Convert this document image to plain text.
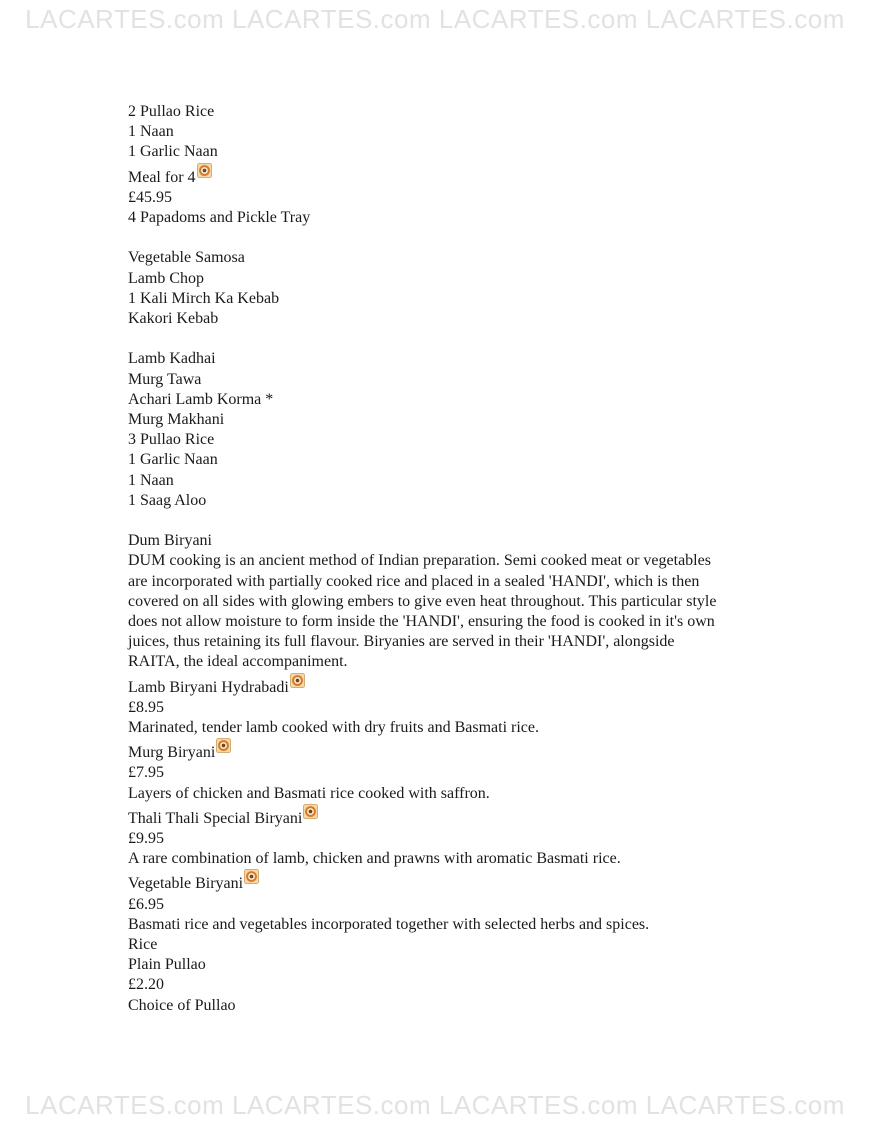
LACARTES.com LACARTES.com LACARTES.com LACARTES.com
2 Pullao Rice
1 Naan
1 Garlic Naan
Meal for 4
£45.95
4 Papadoms and Pickle Tray
Vegetable Samosa
Lamb Chop
1 Kali Mirch Ka Kebab
Kakori Kebab
Lamb Kadhai
Murg Tawa
Achari Lamb Korma *
Murg Makhani
3 Pullao Rice
1 Garlic Naan
1 Naan
1 Saag Aloo
Dum Biryani
DUM cooking is an ancient method of Indian preparation. Semi cooked meat or vegetables are incorporated with partially cooked rice and placed in a sealed 'HANDI', which is then covered on all sides with glowing embers to give even heat throughout. This particular style does not allow moisture to form inside the 'HANDI', ensuring the food is cooked in it's own juices, thus retaining its full flavour. Biryanies are served in their 'HANDI', alongside RAITA, the ideal accompaniment.
Lamb Biryani Hydrabadi
£8.95
Marinated, tender lamb cooked with dry fruits and Basmati rice.
Murg Biryani
£7.95
Layers of chicken and Basmati rice cooked with saffron.
Thali Thali Special Biryani
£9.95
A rare combination of lamb, chicken and prawns with aromatic Basmati rice.
Vegetable Biryani
£6.95
Basmati rice and vegetables incorporated together with selected herbs and spices.
Rice
Plain Pullao
£2.20
Choice of Pullao
LACARTES.com LACARTES.com LACARTES.com LACARTES.com
